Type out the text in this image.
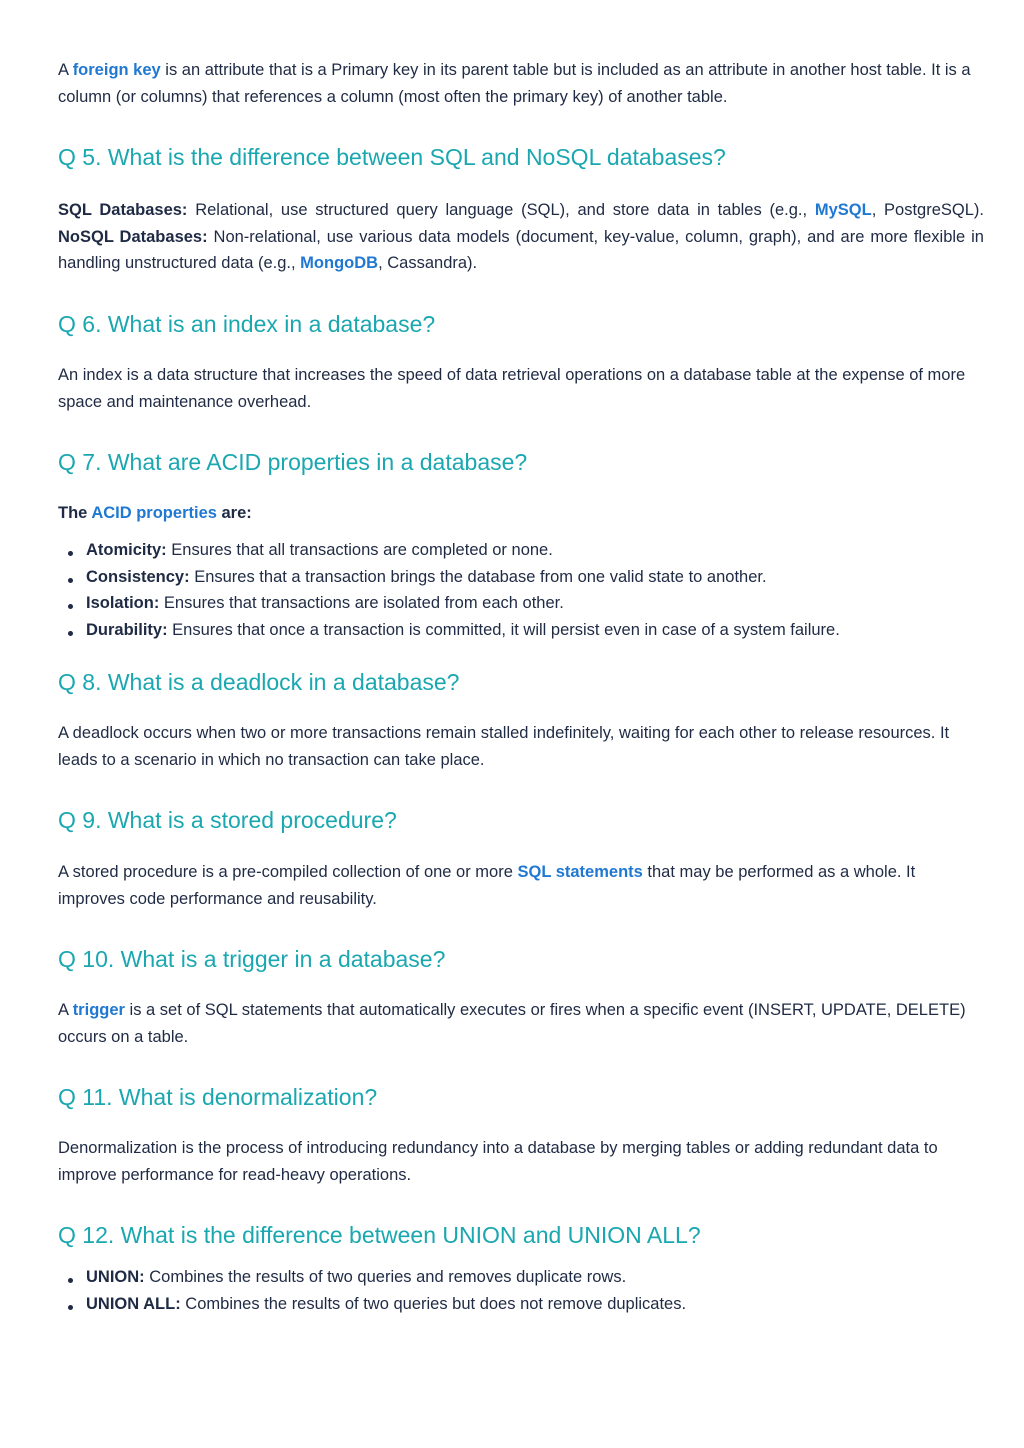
A foreign key is an attribute that is a Primary key in its parent table but is included as an attribute in another host table. It is a column (or columns) that references a column (most often the primary key) of another table.

Q 5. What is the difference between SQL and NoSQL databases?

SQL Databases: Relational, use structured query language (SQL), and store data in tables (e.g., MySQL, PostgreSQL). NoSQL Databases: Non-relational, use various data models (document, key-value, column, graph), and are more flexible in handling unstructured data (e.g., MongoDB, Cassandra).

Q 6. What is an index in a database?

An index is a data structure that increases the speed of data retrieval operations on a database table at the expense of more space and maintenance overhead.

Q 7. What are ACID properties in a database?

The ACID properties are:

Atomicity: Ensures that all transactions are completed or none.
Consistency: Ensures that a transaction brings the database from one valid state to another.
Isolation: Ensures that transactions are isolated from each other.
Durability: Ensures that once a transaction is committed, it will persist even in case of a system failure.
Q 8. What is a deadlock in a database?

A deadlock occurs when two or more transactions remain stalled indefinitely, waiting for each other to release resources. It leads to a scenario in which no transaction can take place.

Q 9. What is a stored procedure?

A stored procedure is a pre-compiled collection of one or more SQL statements that may be performed as a whole. It improves code performance and reusability.

Q 10. What is a trigger in a database?

A trigger is a set of SQL statements that automatically executes or fires when a specific event (INSERT, UPDATE, DELETE) occurs on a table.

Q 11. What is denormalization?

Denormalization is the process of introducing redundancy into a database by merging tables or adding redundant data to improve performance for read-heavy operations.

Q 12. What is the difference between UNION and UNION ALL?
UNION: Combines the results of two queries and removes duplicate rows.
UNION ALL: Combines the results of two queries but does not remove duplicates.
